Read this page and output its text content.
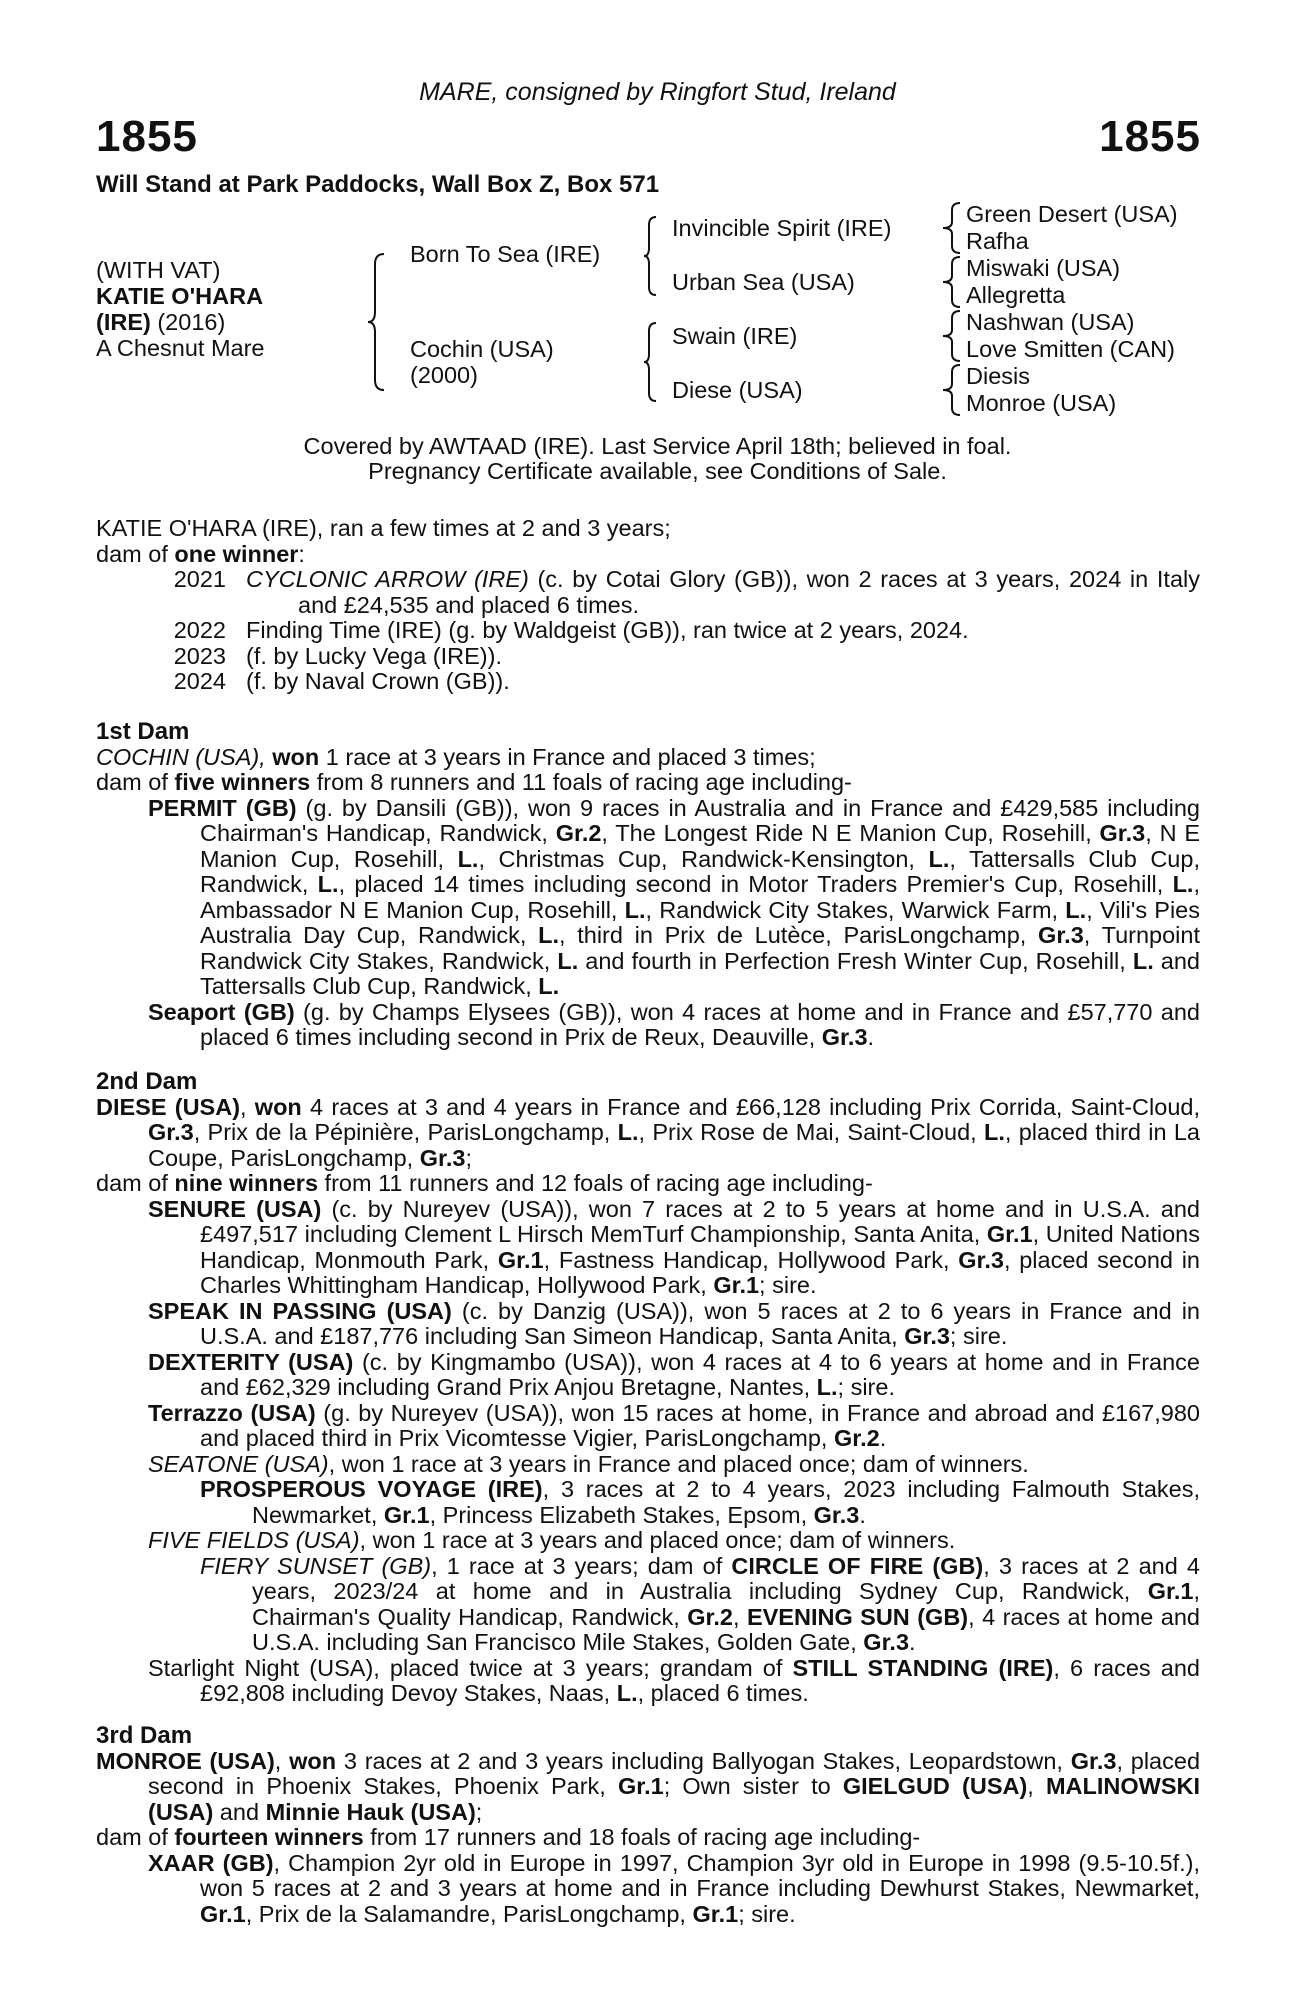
MARE, consigned by Ringfort Stud, Ireland
1855	1855
Will Stand at Park Paddocks, Wall Box Z, Box 571
(WITH VAT)
KATIE O'HARA
(IRE) (2016)
A Chesnut Mare
Born To Sea (IRE)
Cochin (USA)
(2000)
Invincible Spirit (IRE)
Urban Sea (USA)
Swain (IRE)
Diese (USA)
Green Desert (USA)
Rafha
Miswaki (USA)
Allegretta
Nashwan (USA)
Love Smitten (CAN)
Diesis
Monroe (USA)
Covered by AWTAAD (IRE). Last Service April 18th; believed in foal.
Pregnancy Certificate available, see Conditions of Sale.
KATIE O'HARA (IRE), ran a few times at 2 and 3 years;
dam of one winner:
2021 CYCLONIC ARROW (IRE) (c. by Cotai Glory (GB)), won 2 races at 3 years, 2024 in Italy and £24,535 and placed 6 times.
2022 Finding Time (IRE) (g. by Waldgeist (GB)), ran twice at 2 years, 2024.
2023 (f. by Lucky Vega (IRE)).
2024 (f. by Naval Crown (GB)).
1st Dam
COCHIN (USA), won 1 race at 3 years in France and placed 3 times;
dam of five winners from 8 runners and 11 foals of racing age including-
PERMIT (GB) (g. by Dansili (GB)), won 9 races in Australia and in France and £429,585 including Chairman's Handicap, Randwick, Gr.2, The Longest Ride N E Manion Cup, Rosehill, Gr.3, N E Manion Cup, Rosehill, L., Christmas Cup, Randwick-Kensington, L., Tattersalls Club Cup, Randwick, L., placed 14 times including second in Motor Traders Premier's Cup, Rosehill, L., Ambassador N E Manion Cup, Rosehill, L., Randwick City Stakes, Warwick Farm, L., Vili's Pies Australia Day Cup, Randwick, L., third in Prix de Lutèce, ParisLongchamp, Gr.3, Turnpoint Randwick City Stakes, Randwick, L. and fourth in Perfection Fresh Winter Cup, Rosehill, L. and Tattersalls Club Cup, Randwick, L.
Seaport (GB) (g. by Champs Elysees (GB)), won 4 races at home and in France and £57,770 and placed 6 times including second in Prix de Reux, Deauville, Gr.3.
2nd Dam
DIESE (USA), won 4 races at 3 and 4 years in France and £66,128 including Prix Corrida, Saint-Cloud, Gr.3, Prix de la Pépinière, ParisLongchamp, L., Prix Rose de Mai, Saint-Cloud, L., placed third in La Coupe, ParisLongchamp, Gr.3;
dam of nine winners from 11 runners and 12 foals of racing age including-
SENURE (USA) (c. by Nureyev (USA)), won 7 races at 2 to 5 years at home and in U.S.A. and £497,517 including Clement L Hirsch MemTurf Championship, Santa Anita, Gr.1, United Nations Handicap, Monmouth Park, Gr.1, Fastness Handicap, Hollywood Park, Gr.3, placed second in Charles Whittingham Handicap, Hollywood Park, Gr.1; sire.
SPEAK IN PASSING (USA) (c. by Danzig (USA)), won 5 races at 2 to 6 years in France and in U.S.A. and £187,776 including San Simeon Handicap, Santa Anita, Gr.3; sire.
DEXTERITY (USA) (c. by Kingmambo (USA)), won 4 races at 4 to 6 years at home and in France and £62,329 including Grand Prix Anjou Bretagne, Nantes, L.; sire.
Terrazzo (USA) (g. by Nureyev (USA)), won 15 races at home, in France and abroad and £167,980 and placed third in Prix Vicomtesse Vigier, ParisLongchamp, Gr.2.
SEATONE (USA), won 1 race at 3 years in France and placed once; dam of winners.
PROSPEROUS VOYAGE (IRE), 3 races at 2 to 4 years, 2023 including Falmouth Stakes, Newmarket, Gr.1, Princess Elizabeth Stakes, Epsom, Gr.3.
FIVE FIELDS (USA), won 1 race at 3 years and placed once; dam of winners.
FIERY SUNSET (GB), 1 race at 3 years; dam of CIRCLE OF FIRE (GB), 3 races at 2 and 4 years, 2023/24 at home and in Australia including Sydney Cup, Randwick, Gr.1, Chairman's Quality Handicap, Randwick, Gr.2, EVENING SUN (GB), 4 races at home and U.S.A. including San Francisco Mile Stakes, Golden Gate, Gr.3.
Starlight Night (USA), placed twice at 3 years; grandam of STILL STANDING (IRE), 6 races and £92,808 including Devoy Stakes, Naas, L., placed 6 times.
3rd Dam
MONROE (USA), won 3 races at 2 and 3 years including Ballyogan Stakes, Leopardstown, Gr.3, placed second in Phoenix Stakes, Phoenix Park, Gr.1; Own sister to GIELGUD (USA), MALINOWSKI (USA) and Minnie Hauk (USA);
dam of fourteen winners from 17 runners and 18 foals of racing age including-
XAAR (GB), Champion 2yr old in Europe in 1997, Champion 3yr old in Europe in 1998 (9.5-10.5f.), won 5 races at 2 and 3 years at home and in France including Dewhurst Stakes, Newmarket, Gr.1, Prix de la Salamandre, ParisLongchamp, Gr.1; sire.
